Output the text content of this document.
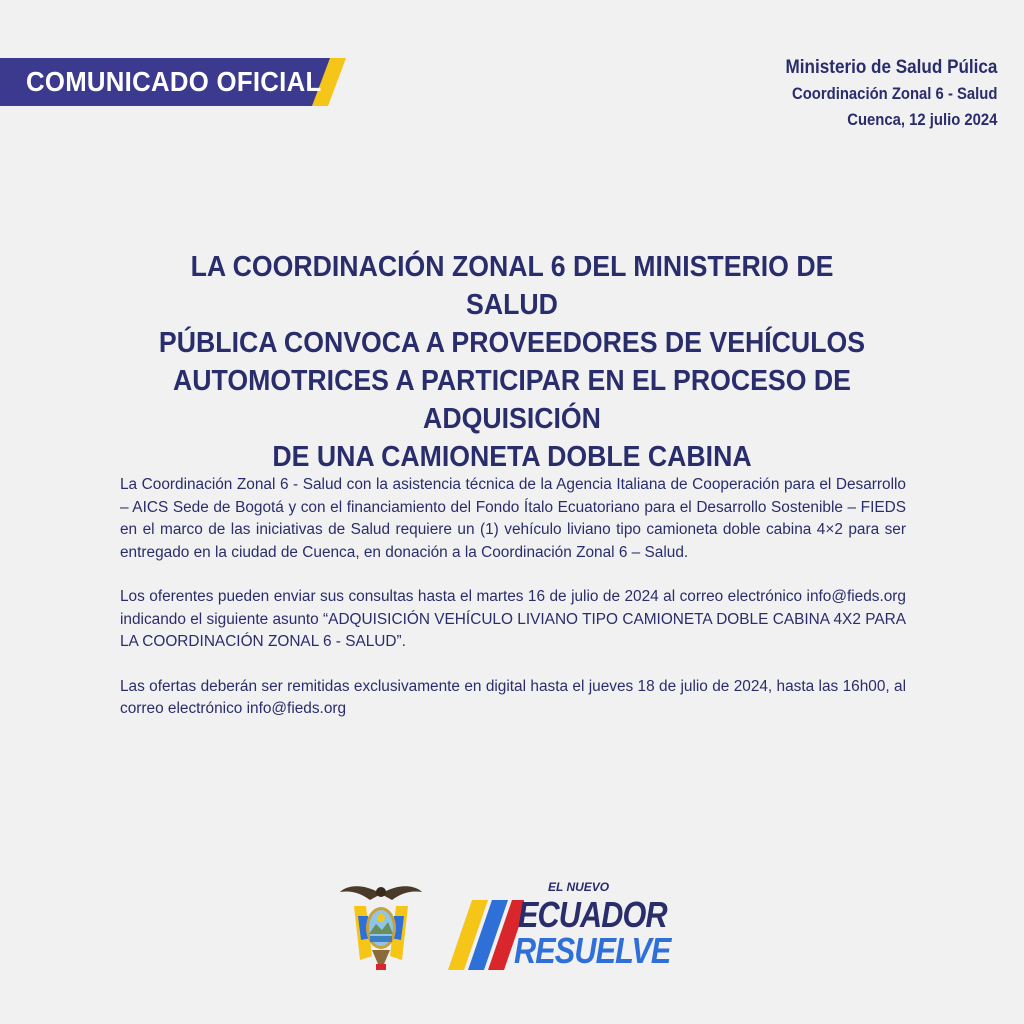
COMUNICADO OFICIAL	Ministerio de Salud Púlica
Coordinación Zonal 6 - Salud
Cuenca, 12 julio 2024
LA COORDINACIÓN ZONAL 6 DEL MINISTERIO DE SALUD
PÚBLICA CONVOCA A PROVEEDORES DE VEHÍCULOS
AUTOMOTRICES A PARTICIPAR EN EL PROCESO DE ADQUISICIÓN
DE UNA CAMIONETA DOBLE CABINA

La Coordinación Zonal 6 - Salud con la asistencia técnica de la Agencia Italiana de Cooperación para el Desarrollo – AICS Sede de Bogotá y con el financiamiento del Fondo Ítalo Ecuatoriano para el Desarrollo Sostenible – FIEDS en el marco de las iniciativas de Salud requiere un (1) vehículo liviano tipo camioneta doble cabina 4×2 para ser entregado en la ciudad de Cuenca, en donación a la Coordinación Zonal 6 – Salud.

Los oferentes pueden enviar sus consultas hasta el martes 16 de julio de 2024 al correo electrónico info@fieds.org indicando el siguiente asunto “ADQUISICIÓN VEHÍCULO LIVIANO TIPO CAMIONETA DOBLE CABINA 4X2 PARA LA COORDINACIÓN ZONAL 6 - SALUD”.

Las ofertas deberán ser remitidas exclusivamente en digital hasta el jueves 18 de julio de 2024, hasta las 16h00, al correo electrónico info@fieds.org

EL NUEVO
ECUADOR
RESUELVE
